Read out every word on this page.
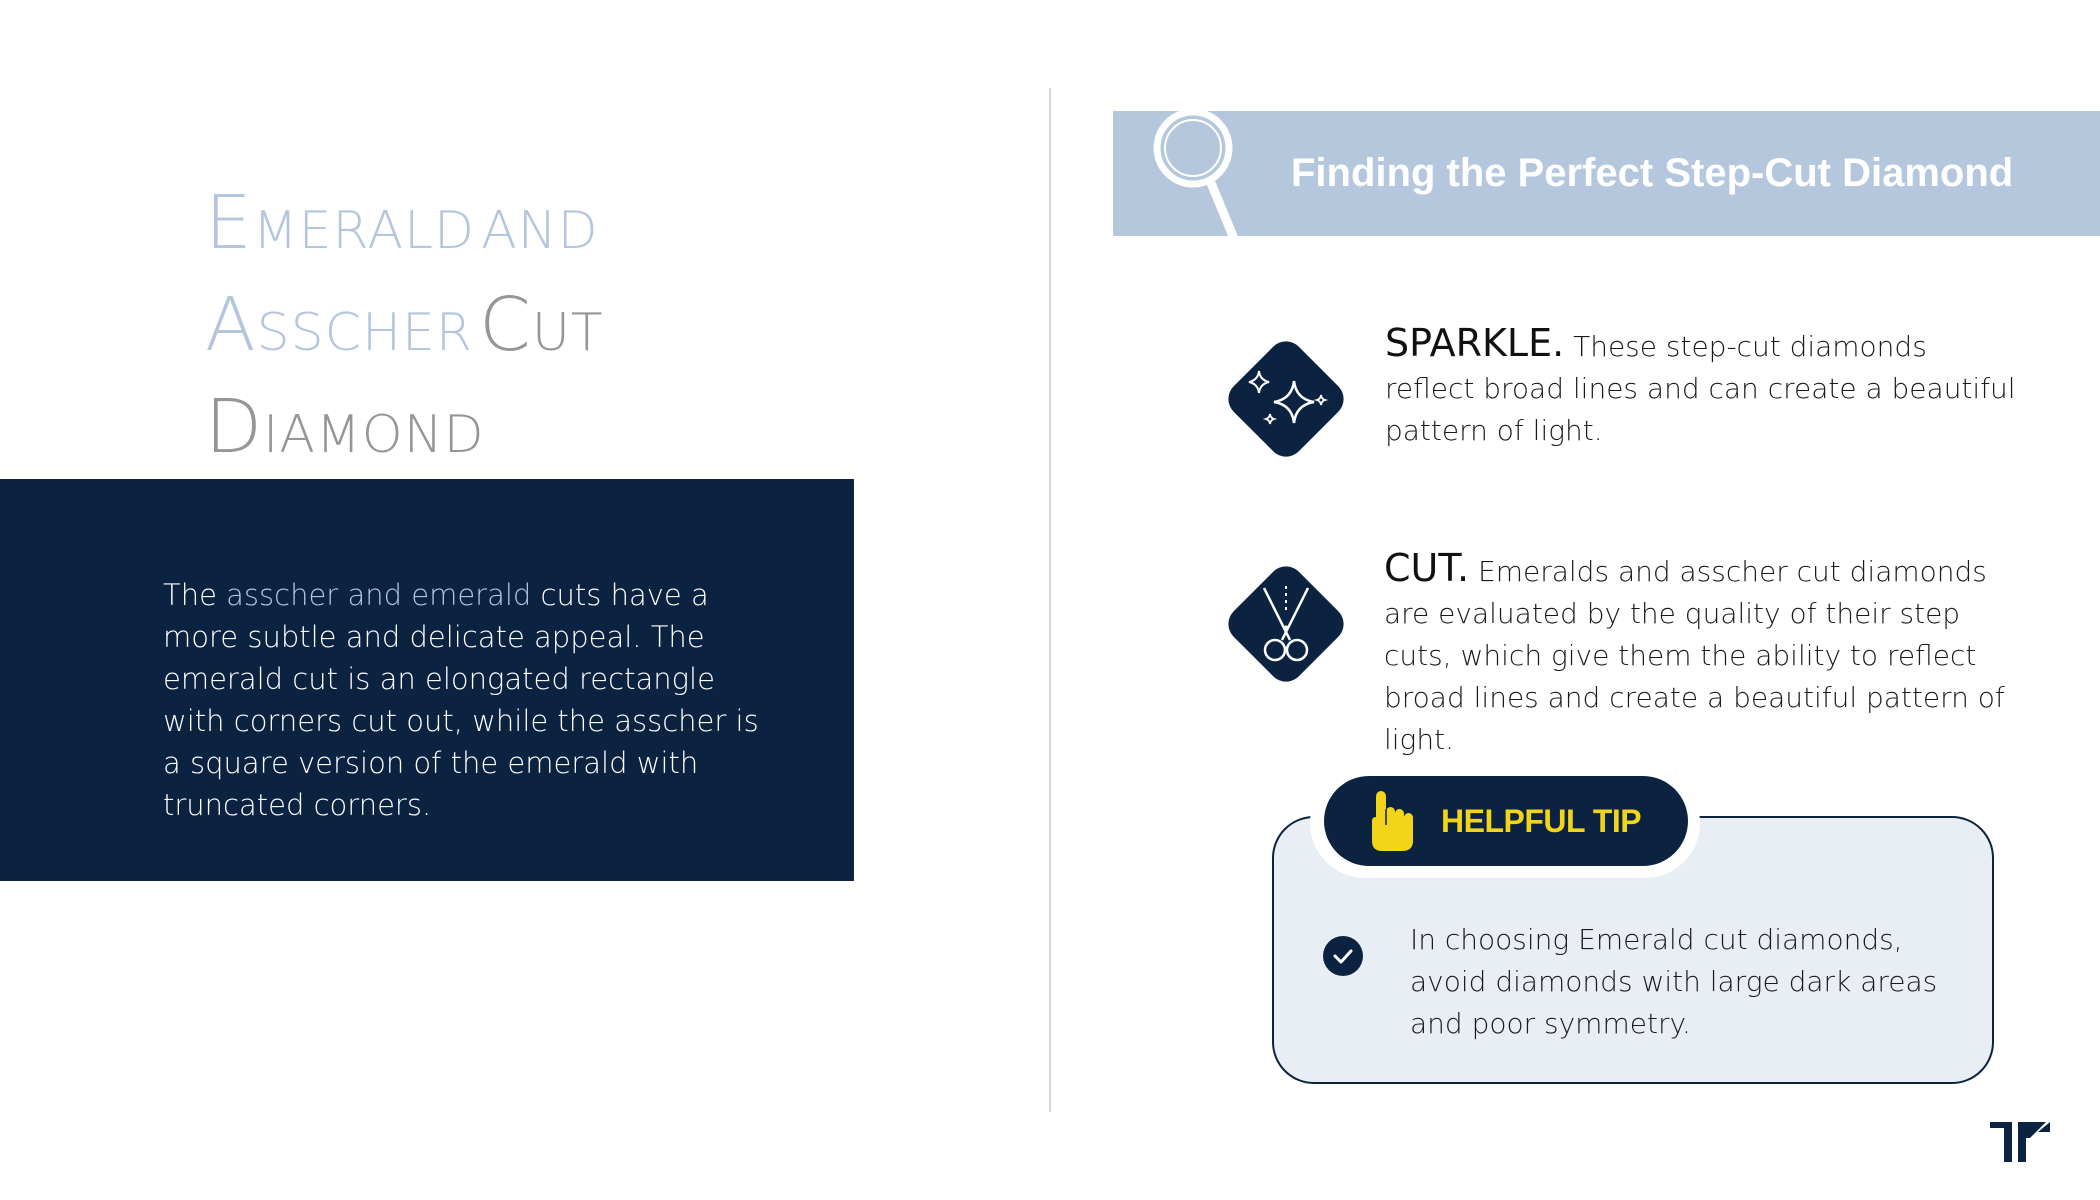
EMERALD AND
ASSCHER CUT
DIAMOND
The asscher and emerald cuts have a more subtle and delicate appeal. The emerald cut is an elongated rectangle with corners cut out, while the asscher is a square version of the emerald with truncated corners.
Finding the Perfect Step-Cut Diamond
SPARKLE. These step-cut diamonds reflect broad lines and can create a beautiful pattern of light.
CUT. Emeralds and asscher cut diamonds are evaluated by the quality of their step cuts, which give them the ability to reflect broad lines and create a beautiful pattern of light.
HELPFUL TIP
In choosing Emerald cut diamonds, avoid diamonds with large dark areas and poor symmetry.
